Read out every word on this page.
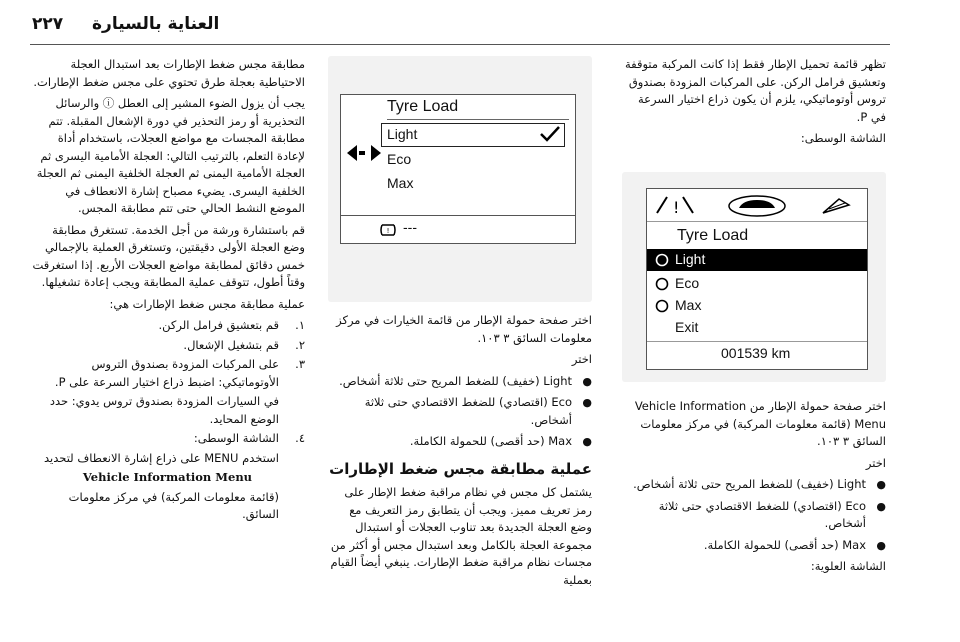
٢٢٧ العناية بالسيارة

مطابقة مجس ضغط الإطارات بعد استبدال العجلة الاحتياطية بعجلة طرق تحتوي على مجس ضغط الإطارات.

يجب أن يزول الضوء المشير إلى العطل ⓘ والرسائل التحذيرية أو رمز التحذير في دورة الإشعال المقبلة. تتم مطابقة المجسات مع مواضع العجلات، باستخدام أداة لإعادة التعلم، بالترتيب التالي: العجلة الأمامية اليسرى ثم العجلة الأمامية اليمنى ثم العجلة الخلفية اليمنى ثم العجلة الخلفية اليسرى. يضيء مصباح إشارة الانعطاف في الموضع النشط الحالي حتى تتم مطابقة المجس.

قم باستشارة ورشة من أجل الخدمة. تستغرق مطابقة وضع العجلة الأولى دقيقتين، وتستغرق العملية بالإجمالي خمس دقائق لمطابقة مواضع العجلات الأربع. إذا استغرقت وقتاً أطول، تتوقف عملية المطابقة ويجب إعادة تشغيلها.

عملية مطابقة مجس ضغط الإطارات هي:

١.
قم بتعشيق فرامل الركن.
٢.
قم بتشغيل الإشعال.
٣.
على المركبات المزودة بصندوق التروس الأوتوماتيكي: اضبط ذراع اختيار السرعة على P.
في السيارات المزودة بصندوق تروس يدوي: حدد الوضع المحايد.
٤.
الشاشة الوسطى:
استخدم MENU على ذراع إشارة الانعطاف لتحديد
Vehicle Information Menu
(قائمة معلومات المركبة) في مركز معلومات السائق.
Tyre Load
Light
Eco
Max
! ---

اختر صفحة حمولة الإطار من قائمة الخيارات في مركز معلومات السائق ٣ ١٠٣.

اختر

● Light (خفيف) للضغط المريح حتى ثلاثة أشخاص.
● Eco (اقتصادي) للضغط الاقتصادي حتى ثلاثة أشخاص.
● Max (حد أقصى) للحمولة الكاملة.
عملية مطابقة مجس ضغط الإطارات

يشتمل كل مجس في نظام مراقبة ضغط الإطار على رمز تعريف مميز. ويجب أن يتطابق رمز التعريف مع وضع العجلة الجديدة بعد تناوب العجلات أو استبدال مجموعة العجلة بالكامل وبعد استبدال مجس أو أكثر من مجسات نظام مراقبة ضغط الإطارات. ينبغي أيضاً القيام بعملية

تظهر قائمة تحميل الإطار فقط إذا كانت المركبة متوقفة وتعشيق فرامل الركن. على المركبات المزودة بصندوق تروس أوتوماتيكي، يلزم أن يكون ذراع اختيار السرعة في P.

الشاشة الوسطى:

!
Tyre Load
Light
Eco
Max
Exit
001539 km

اختر صفحة حمولة الإطار من Vehicle Information Menu (قائمة معلومات المركبة) في مركز معلومات السائق ٣ ١٠٣.

اختر

● Light (خفيف) للضغط المريح حتى ثلاثة أشخاص.
● Eco (اقتصادي) للضغط الاقتصادي حتى ثلاثة أشخاص.
● Max (حد أقصى) للحمولة الكاملة.

الشاشة العلوية:
